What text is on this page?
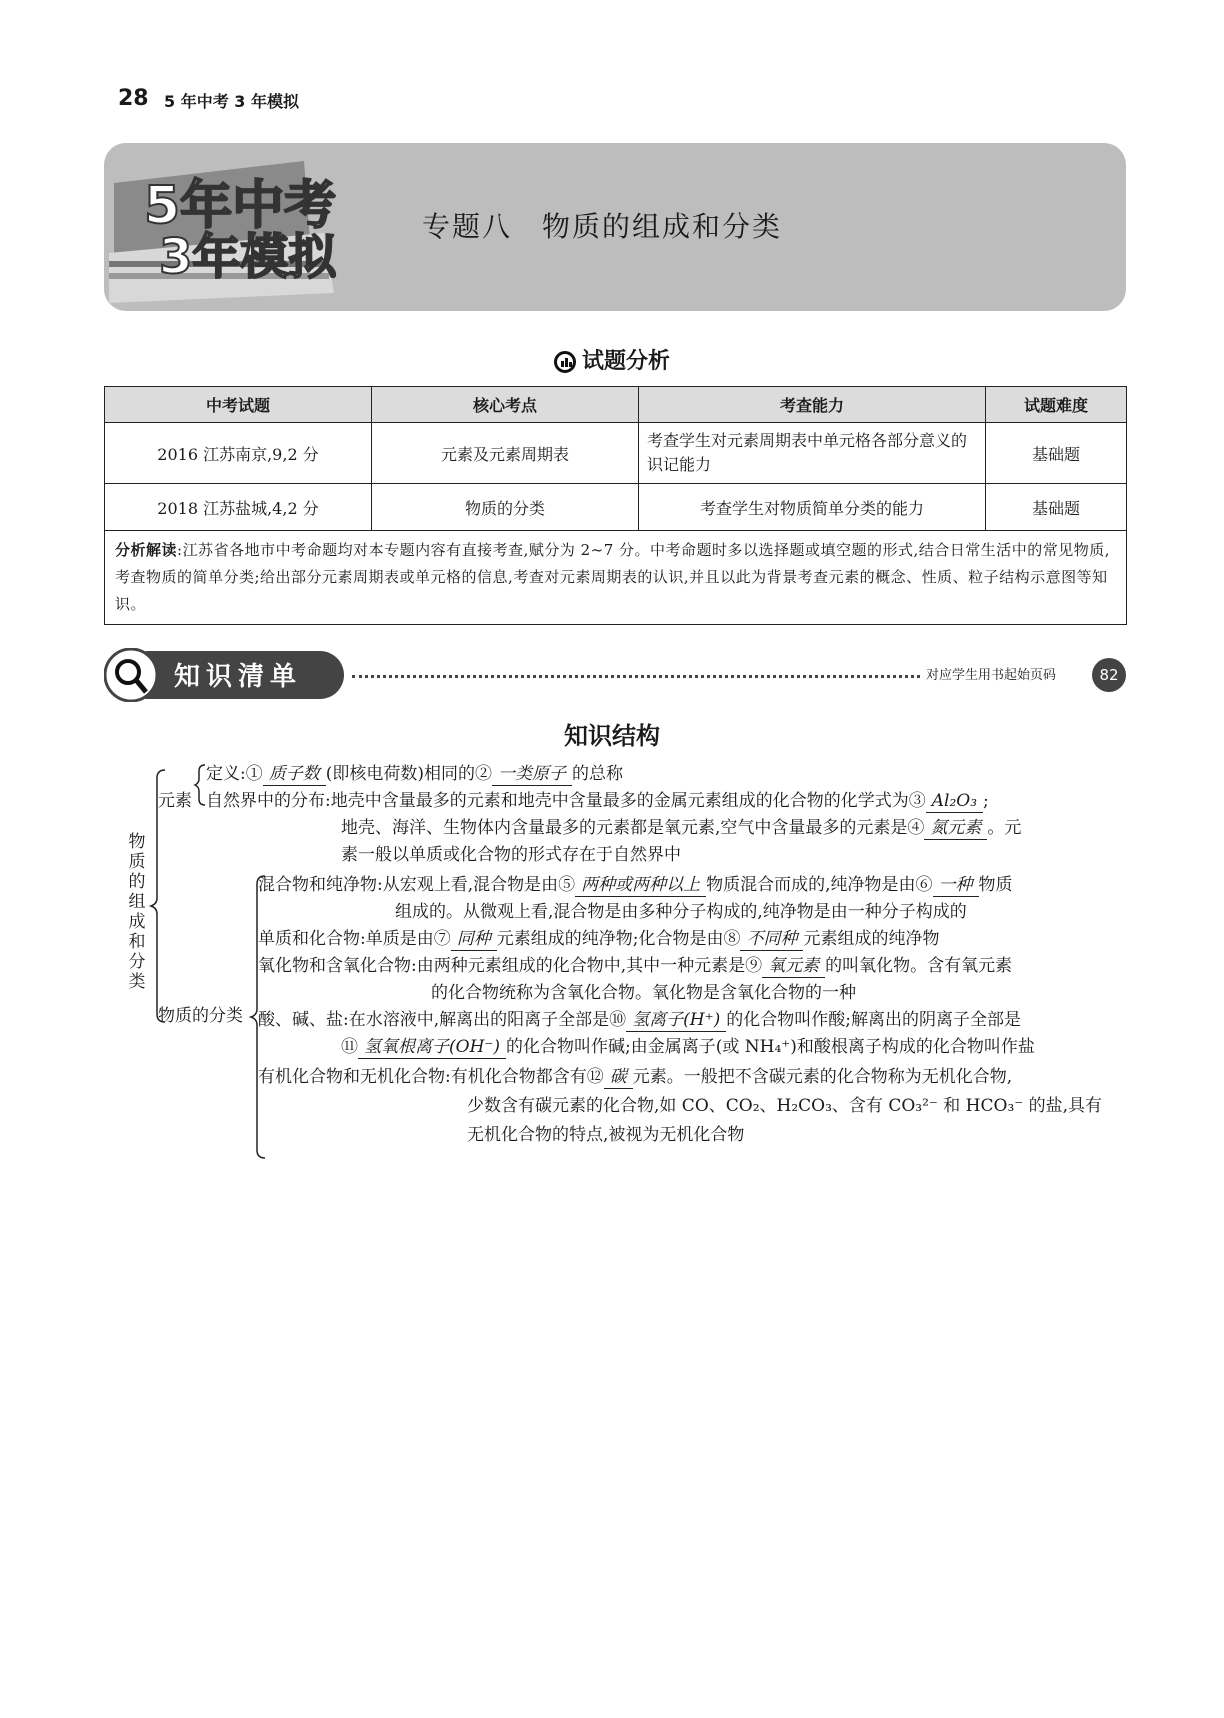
28 5 年中考 3 年模拟
5年中考
3年模拟
专题八　物质的组成和分类
试题分析
中考试题	核心考点	考查能力	试题难度
2016 江苏南京,9,2 分	元素及元素周期表	考查学生对元素周期表中单元格各部分意义的识记能力	基础题
2018 江苏盐城,4,2 分	物质的分类	考查学生对物质简单分类的能力	基础题
分析解读:江苏省各地市中考命题均对本专题内容有直接考查,赋分为 2~7 分。中考命题时多以选择题或填空题的形式,结合日常生活中的常见物质,考查物质的简单分类;给出部分元素周期表或单元格的信息,考查对元素周期表的认识,并且以此为背景考查元素的概念、性质、粒子结构示意图等知识。			
知识清单	对应学生用书起始页码	82
知识结构
物质的组成和分类
元素
定义:① 质子数 (即核电荷数)相同的② 一类原子 的总称
自然界中的分布:地壳中含量最多的元素和地壳中含量最多的金属元素组成的化合物的化学式为③ Al₂O₃ ;
地壳、海洋、生物体内含量最多的元素都是氧元素,空气中含量最多的元素是④ 氮元素 。元
素一般以单质或化合物的形式存在于自然界中
物质的分类
混合物和纯净物:从宏观上看,混合物是由⑤ 两种或两种以上 物质混合而成的,纯净物是由⑥ 一种 物质
组成的。从微观上看,混合物是由多种分子构成的,纯净物是由一种分子构成的
单质和化合物:单质是由⑦ 同种 元素组成的纯净物;化合物是由⑧ 不同种 元素组成的纯净物
氧化物和含氧化合物:由两种元素组成的化合物中,其中一种元素是⑨ 氧元素 的叫氧化物。含有氧元素
的化合物统称为含氧化合物。氧化物是含氧化合物的一种
酸、碱、盐:在水溶液中,解离出的阳离子全部是⑩ 氢离子(H⁺) 的化合物叫作酸;解离出的阴离子全部是
⑪ 氢氧根离子(OH⁻) 的化合物叫作碱;由金属离子(或 NH₄⁺)和酸根离子构成的化合物叫作盐
有机化合物和无机化合物:有机化合物都含有⑫ 碳 元素。一般把不含碳元素的化合物称为无机化合物,
少数含有碳元素的化合物,如 CO、CO₂、H₂CO₃、含有 CO₃²⁻ 和 HCO₃⁻ 的盐,具有
无机化合物的特点,被视为无机化合物
